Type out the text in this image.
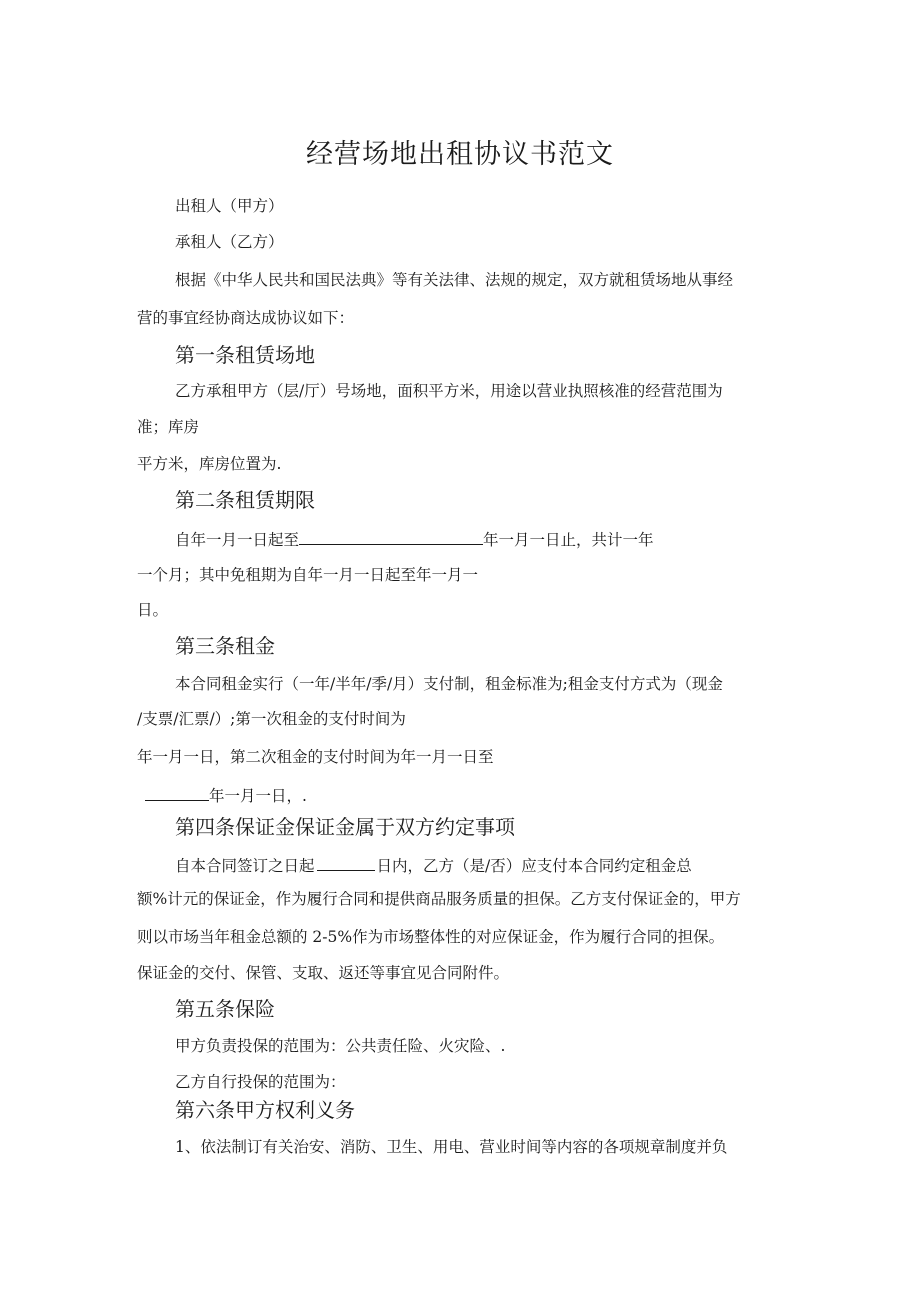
经营场地出租协议书范文
出租人（甲方）
承租人（乙方）
根据《中华人民共和国民法典》等有关法律、法规的规定，双方就租赁场地从事经
营的事宜经协商达成协议如下：
第一条租赁场地
乙方承租甲方（层/厅）号场地，面积平方米，用途以营业执照核准的经营范围为
准；库房
平方米，库房位置为.
第二条租赁期限
自年一月一日起至	年一月一日止，共计一年
一个月；其中免租期为自年一月一日起至年一月一
日。
第三条租金
本合同租金实行（一年/半年/季/月）支付制，租金标准为;租金支付方式为（现金
/支票/汇票/）;第一次租金的支付时间为
年一月一日，第二次租金的支付时间为年一月一日至
年一月一日，.
第四条保证金保证金属于双方约定事项
自本合同签订之日起	日内，乙方（是/否）应支付本合同约定租金总
额%计元的保证金，作为履行合同和提供商品服务质量的担保。乙方支付保证金的，甲方
则以市场当年租金总额的 2-5%作为市场整体性的对应保证金，作为履行合同的担保。
保证金的交付、保管、支取、返还等事宜见合同附件。
第五条保险
甲方负责投保的范围为：公共责任险、火灾险、.
乙方自行投保的范围为：
第六条甲方权利义务
1、依法制订有关治安、消防、卫生、用电、营业时间等内容的各项规章制度并负
